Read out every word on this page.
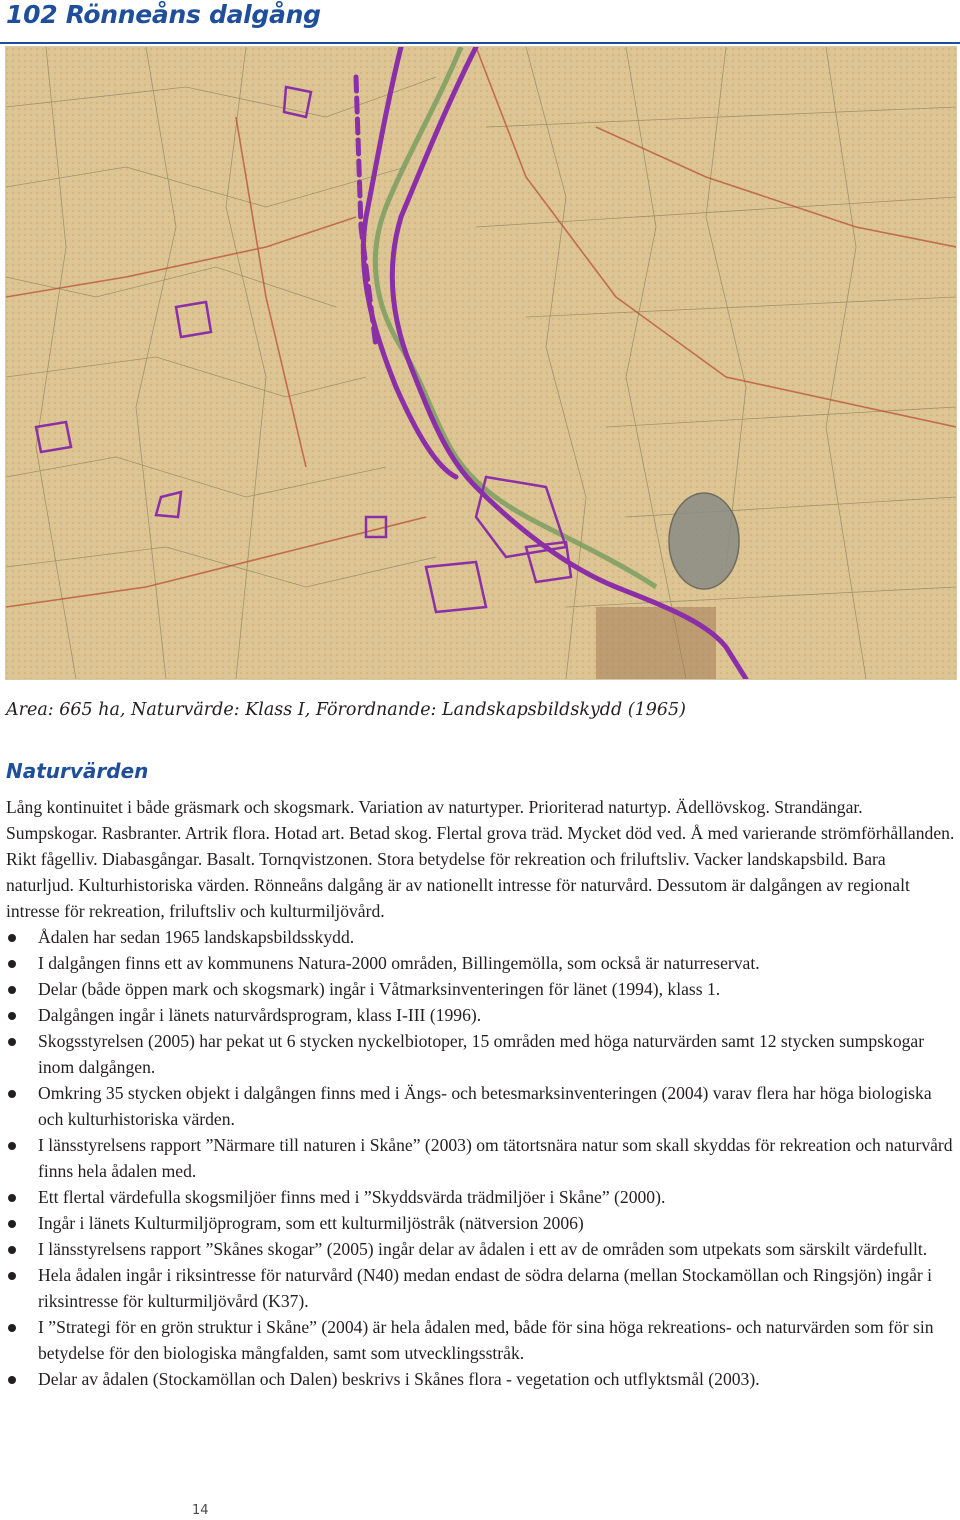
102 Rönneåns dalgång
Area: 665 ha, Naturvärde: Klass I, Förordnande: Landskapsbildskydd (1965)
Naturvärden

Lång kontinuitet i både gräsmark och skogsmark. Variation av naturtyper. Prioriterad naturtyp. Ädellövskog. Strandängar. Sumpskogar. Rasbranter. Artrik flora. Hotad art. Betad skog. Flertal grova träd. Mycket död ved. Å med varierande strömförhållanden. Rikt fågelliv. Diabasgångar. Basalt. Tornqvistzonen. Stora betydelse för rekreation och friluftsliv. Vacker landskapsbild. Bara naturljud. Kulturhistoriska värden. Rönneåns dalgång är av nationellt intresse för naturvård. Dessutom är dalgången av regionalt intresse för rekreation, friluftsliv och kulturmiljövård.

Ådalen har sedan 1965 landskapsbildsskydd.
I dalgången finns ett av kommunens Natura-2000 områden, Billingemölla, som också är naturreservat.
Delar (både öppen mark och skogsmark) ingår i Våtmarksinventeringen för länet (1994), klass 1.
Dalgången ingår i länets naturvårdsprogram, klass I-III (1996).
Skogsstyrelsen (2005) har pekat ut 6 stycken nyckelbiotoper, 15 områden med höga naturvärden samt 12 stycken sumpskogar inom dalgången.
Omkring 35 stycken objekt i dalgången finns med i Ängs- och betesmarksinventeringen (2004) varav flera har höga biologiska och kulturhistoriska värden.
I länsstyrelsens rapport ”Närmare till naturen i Skåne” (2003) om tätortsnära natur som skall skyddas för rekreation och naturvård finns hela ådalen med.
Ett flertal värdefulla skogsmiljöer finns med i ”Skyddsvärda trädmiljöer i Skåne” (2000).
Ingår i länets Kulturmiljöprogram, som ett kulturmiljöstråk (nätversion 2006)
I länsstyrelsens rapport ”Skånes skogar” (2005) ingår delar av ådalen i ett av de områden som utpekats som särskilt värdefullt.
Hela ådalen ingår i riksintresse för naturvård (N40) medan endast de södra delarna (mellan Stockamöllan och Ringsjön) ingår i riksintresse för kulturmiljövård (K37).
I ”Strategi för en grön struktur i Skåne” (2004) är hela ådalen med, både för sina höga rekreations- och naturvärden som för sin betydelse för den biologiska mångfalden, samt som utvecklingsstråk.
Delar av ådalen (Stockamöllan och Dalen) beskrivs i Skånes flora - vegetation och utflyktsmål (2003).
14
